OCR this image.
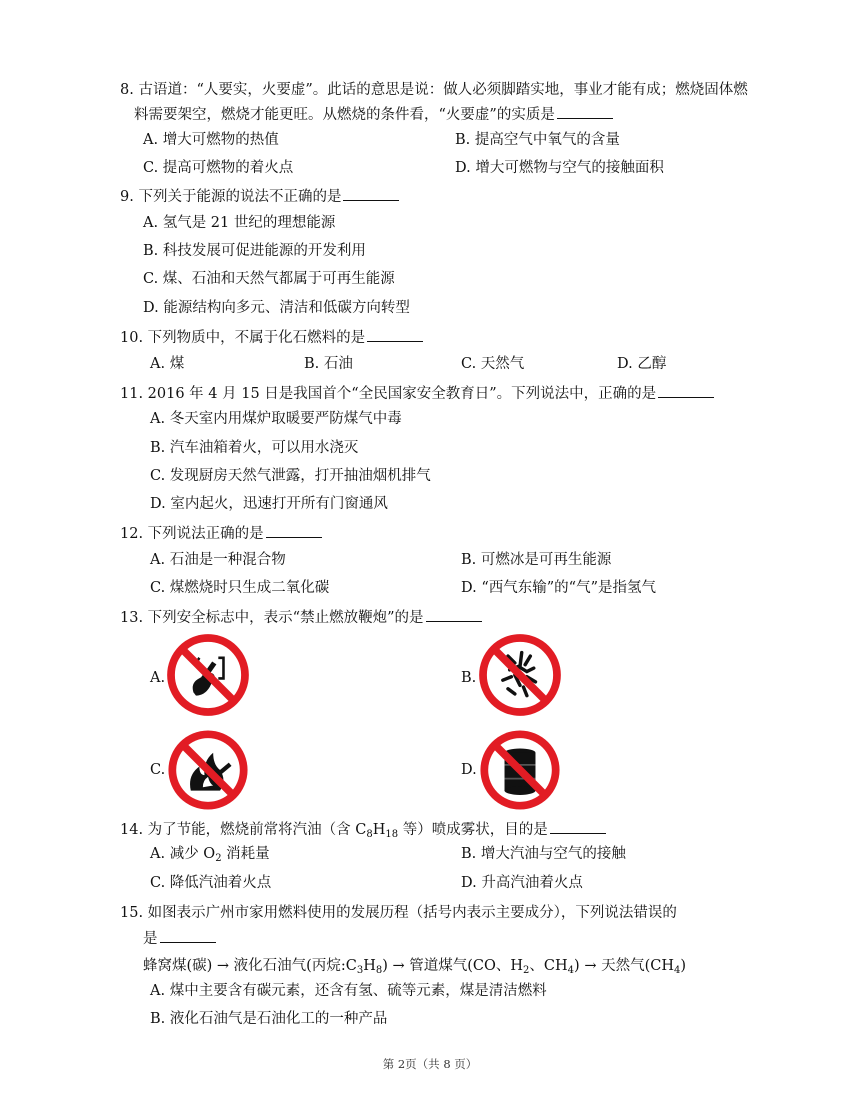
8. 古语道：“人要实，火要虚”。此话的意思是说：做人必须脚踏实地，事业才能有成；燃烧固体燃
料需要架空，燃烧才能更旺。从燃烧的条件看，“火要虚”的实质是
A. 增大可燃物的热值	B. 提高空气中氧气的含量
C. 提高可燃物的着火点	D. 增大可燃物与空气的接触面积
9. 下列关于能源的说法不正确的是
A. 氢气是 21 世纪的理想能源
B. 科技发展可促进能源的开发利用
C. 煤、石油和天然气都属于可再生能源
D. 能源结构向多元、清洁和低碳方向转型
10. 下列物质中，不属于化石燃料的是
A. 煤	B. 石油	C. 天然气	D. 乙醇
11. 2016 年 4 月 15 日是我国首个“全民国家安全教育日”。下列说法中，正确的是
A. 冬天室内用煤炉取暖要严防煤气中毒
B. 汽车油箱着火，可以用水浇灭
C. 发现厨房天然气泄露，打开抽油烟机排气
D. 室内起火，迅速打开所有门窗通风
12. 下列说法正确的是
A. 石油是一种混合物	B. 可燃冰是可再生能源
C. 煤燃烧时只生成二氧化碳	D. “西气东输”的“气”是指氢气
13. 下列安全标志中，表示“禁止燃放鞭炮”的是
A.	B.
C.	D.
14. 为了节能，燃烧前常将汽油（含 $C_8H_{18}$ 等）喷成雾状，目的是
A. 减少 $O_2$ 消耗量	B. 增大汽油与空气的接触
C. 降低汽油着火点	D. 升高汽油着火点
15. 如图表示广州市家用燃料使用的发展历程（括号内表示主要成分），下列说法错误的
是
蜂窝煤(碳) → 液化石油气(丙烷$:C_3H_8$) → 管道煤气(CO、$H_2$、$CH_4$) → 天然气$(CH_4)$
A. 煤中主要含有碳元素，还含有氢、硫等元素，煤是清洁燃料
B. 液化石油气是石油化工的一种产品
第 2页（共 8 页）
